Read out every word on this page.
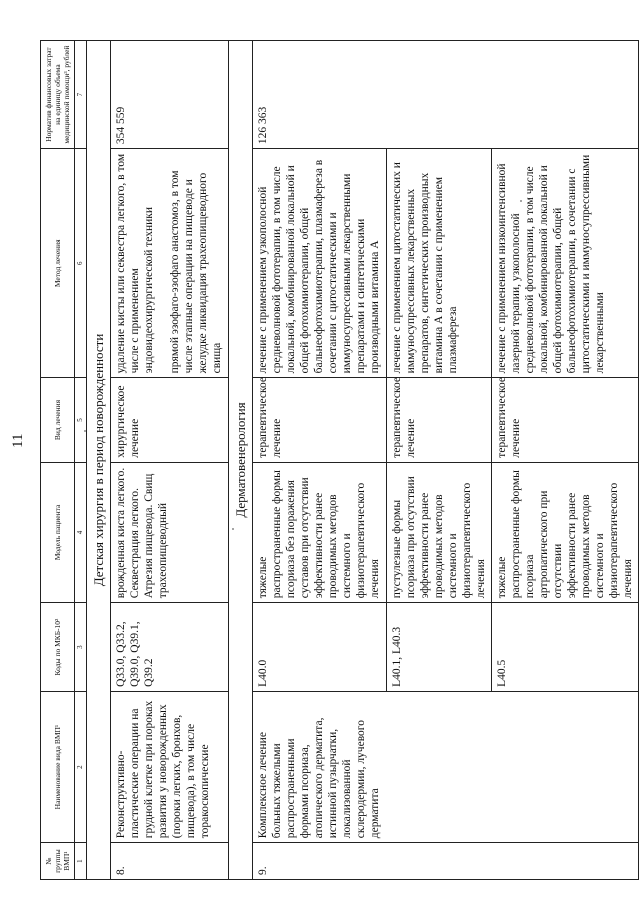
11
№ группы ВМП¹	Наименование вида ВМП¹	Коды по МКБ-10²	Модель пациента	Вид лечения	Метод лечения	Норматив финансовых затрат на единицу объема медицинской помощи³, рублей
1	2	3	4	5	6	7
Детская хирургия в период новорожденности						
8.	Реконструктивно-пластические операции на грудной клетке при пороках развития у новорожденных (пороки легких, бронхов, пищевода), в том числе торакоскопические	Q33.0, Q33.2, Q39.0, Q39.1, Q39.2	врожденная киста легкого. Секвестрация легкого. Атрезия пищевода. Свищ трахеопищеводный	хирургическое лечение	удаление кисты или секвестра легкого, в том числе с применением эндовидеохирургической техники прямой эзофаго-эзофаго анастомоз, в том числе этапные операции на пищеводе и желудке ликвидация трахеопищеводного свища	354 559
Дерматовенерология						
9.	Комплексное лечение больных тяжелыми распространенными формами псориаза, атопического дерматита, истинной пузырчатки, локализованной склеродермии, лучевого дерматита	L40.0	тяжелые распространенные формы псориаза без поражения суставов при отсутствии эффективности ранее проводимых методов системного и физиотерапевтического лечения	терапевтическое лечение	лечение с применением узкополосной средневолновой фототерапии, в том числе локальной, комбинированной локальной и общей фотохимиотерапии, общей бальнеофотохимиотерапии, плазмафереза в сочетании с цитостатическими и иммуносупрессивными лекарственными препаратами и синтетическими производными витамина А	126 363
		L40.1, L40.3	пустулезные формы псориаза при отсутствии эффективности ранее проводимых методов системного и физиотерапевтического лечения	терапевтическое лечение	лечение с применением цитостатических и иммуносупрессивных лекарственных препаратов, синтетических производных витамина А в сочетании с применением плазмафереза	
		L40.5	тяжелые распространенные формы псориаза артропатического при отсутствии эффективности ранее проводимых методов системного и физиотерапевтического лечения	терапевтическое лечение	лечение с применением низкоинтенсивной лазерной терапии, узкополосной средневолновой фототерапии, в том числе локальной, комбинированной локальной и общей фотохимиотерапии, общей бальнеофотохимиотерапии, в сочетании с цитостатическими и иммуносупрессивными лекарственными	
